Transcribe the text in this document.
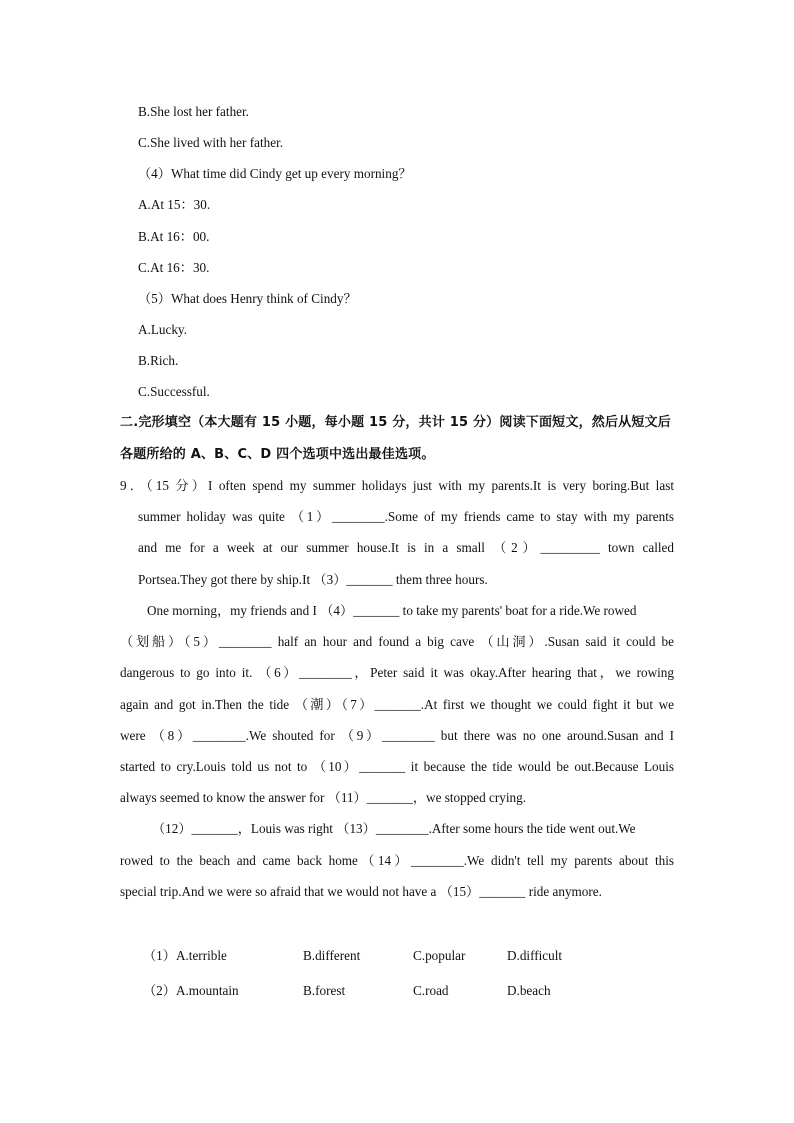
B.She lost her father.
C.She lived with her father.
（4）What time did Cindy get up every morning？
A.At 15：30.
B.At 16：00.
C.At 16：30.
（5）What does Henry think of Cindy？
A.Lucky.
B.Rich.
C.Successful.
二.完形填空（本大题有 15 小题，每小题 15 分，共计 15 分）阅读下面短文，然后从短文后
各题所给的 A、B、C、D 四个选项中选出最佳选项。
9．（15 分）I often spend my summer holidays just with my parents.It is very boring.But last
summer holiday was quite （1）________.Some of my friends came to stay with my parents
and me for a week at our summer house.It is in a small （2）_________ town called
Portsea.They got there by ship.It （3）_______ them three hours.
One morning，my friends and I （4）_______ to take my parents' boat for a ride.We rowed
（划船）（5）________ half an hour and found a big cave （山洞）.Susan said it could be
dangerous to go into it. （6）________，Peter said it was okay.After hearing that，we rowing
again and got in.Then the tide （潮）（7）_______.At first we thought we could fight it but we
were （8）________.We shouted for （9）________ but there was no one around.Susan and I
started to cry.Louis told us not to （10）_______ it because the tide would be out.Because Louis
always seemed to know the answer for （11）_______，we stopped crying.
（12）_______，Louis was right （13）________.After some hours the tide went out.We
rowed to the beach and came back home（14）________.We didn't tell my parents about this
special trip.And we were so afraid that we would not have a （15）_______ ride anymore.
（1）A.terrible	B.different	C.popular	D.difficult
（2）A.mountain	B.forest	C.road	D.beach
